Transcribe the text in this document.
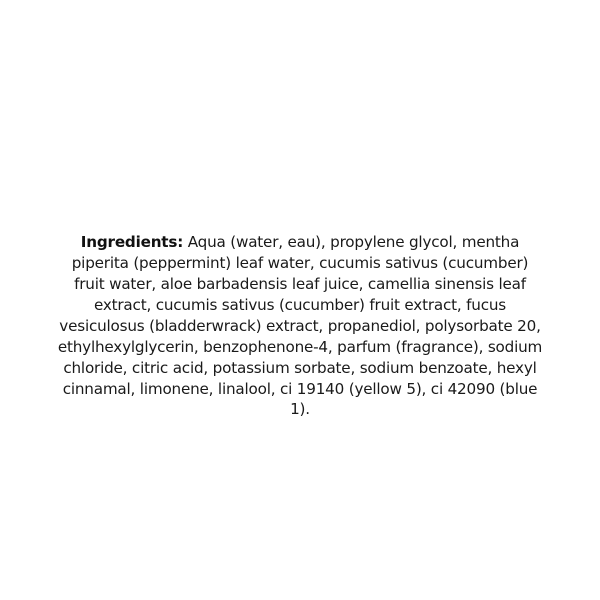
Ingredients: Aqua (water, eau), propylene glycol, mentha piperita (peppermint) leaf water, cucumis sativus (cucumber) fruit water, aloe barbadensis leaf juice, camellia sinensis leaf extract, cucumis sativus (cucumber) fruit extract, fucus vesiculosus (bladderwrack) extract, propanediol, polysorbate 20, ethylhexylglycerin, benzophenone-4, parfum (fragrance), sodium chloride, citric acid, potassium sorbate, sodium benzoate, hexyl cinnamal, limonene, linalool, ci 19140 (yellow 5), ci 42090 (blue 1).
